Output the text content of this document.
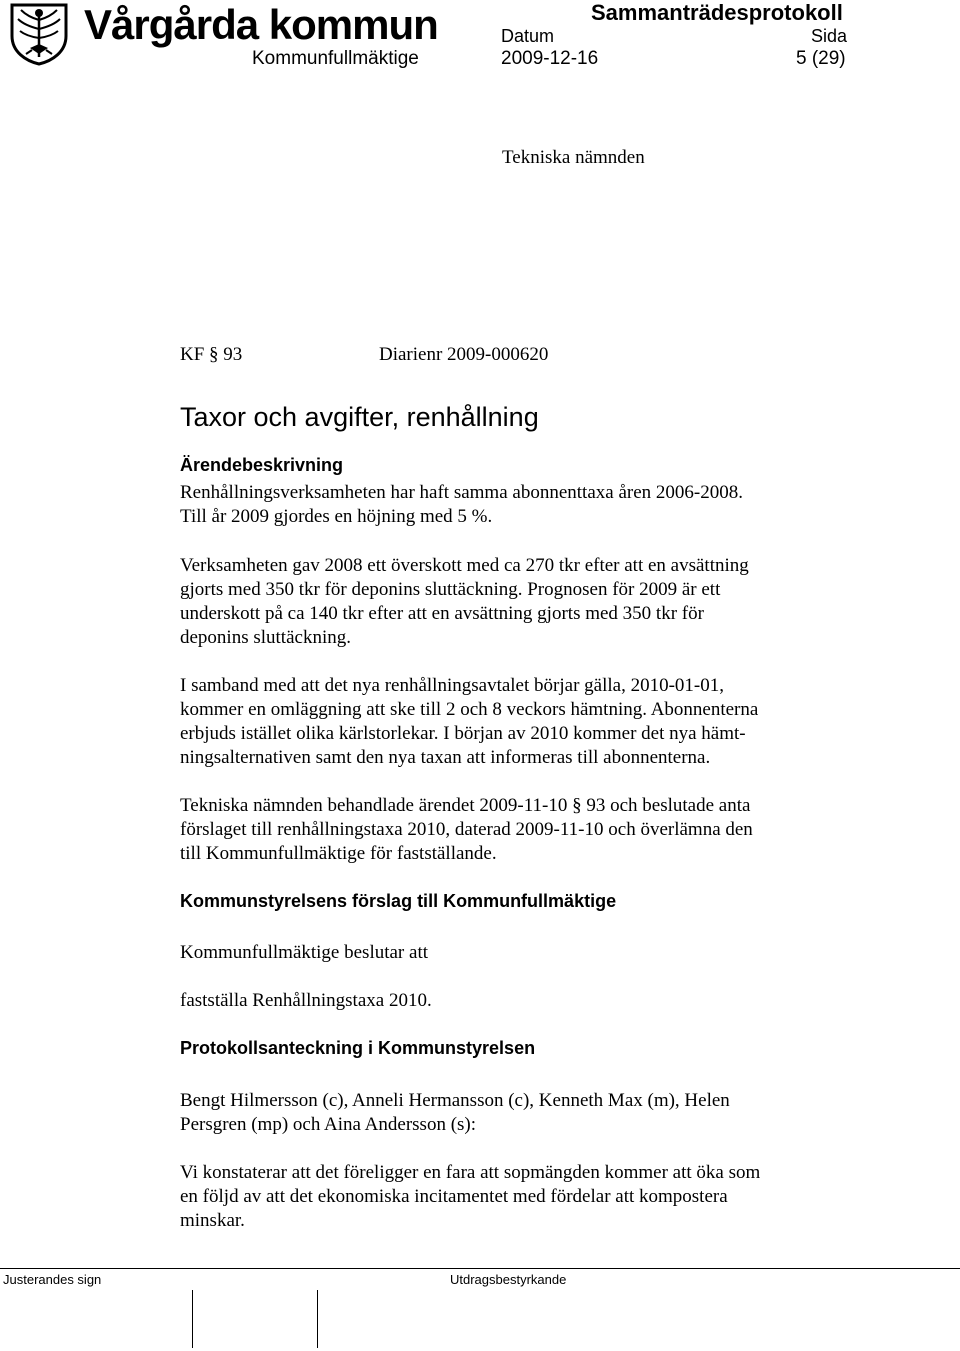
Vårgårda kommun
Kommunfullmäktige
Sammanträdesprotokoll
Datum	Sida
2009-12-16	5 (29)
Tekniska nämnden
KF § 93	Diarienr 2009-000620
Taxor och avgifter, renhållning
Ärendebeskrivning
Renhållningsverksamheten har haft samma abonnenttaxa åren 2006-2008.
Till år 2009 gjordes en höjning med 5 %.
Verksamheten gav 2008 ett överskott med ca 270 tkr efter att en avsättning
gjorts med 350 tkr för deponins sluttäckning. Prognosen för 2009 är ett
underskott på ca 140 tkr efter att en avsättning gjorts med 350 tkr för
deponins sluttäckning.
I samband med att det nya renhållningsavtalet börjar gälla, 2010-01-01,
kommer en omläggning att ske till 2 och 8 veckors hämtning. Abonnenterna
erbjuds istället olika kärlstorlekar. I början av 2010 kommer det nya hämt-
ningsalternativen samt den nya taxan att informeras till abonnenterna.
Tekniska nämnden behandlade ärendet 2009-11-10 § 93 och beslutade anta
förslaget till renhållningstaxa 2010, daterad 2009-11-10 och överlämna den
till Kommunfullmäktige för fastställande.
Kommunstyrelsens förslag till Kommunfullmäktige
Kommunfullmäktige beslutar att
fastställa Renhållningstaxa 2010.
Protokollsanteckning i Kommunstyrelsen
Bengt Hilmersson (c), Anneli Hermansson (c), Kenneth Max (m), Helen
Persgren (mp) och Aina Andersson (s):
Vi konstaterar att det föreligger en fara att sopmängden kommer att öka som
en följd av att det ekonomiska incitamentet med fördelar att kompostera
minskar.
Justerandes sign	Utdragsbestyrkande
